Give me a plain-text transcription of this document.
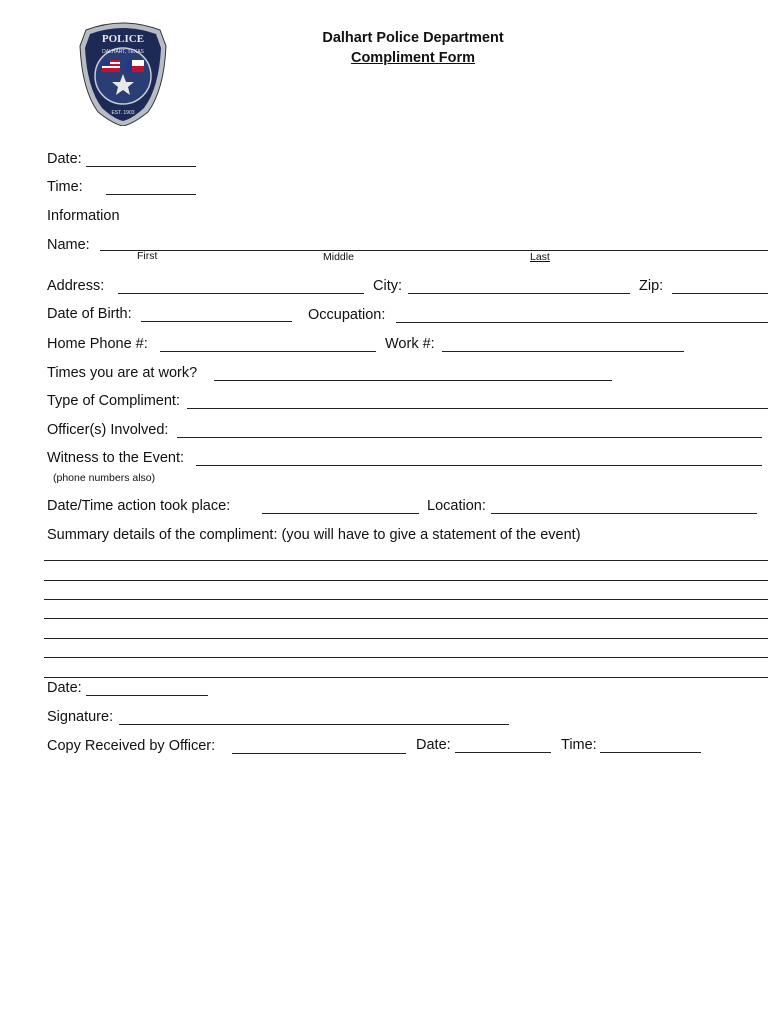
POLICE
DALHART, TEXAS
EST. 1903
Dalhart Police Department
Compliment Form
Date:
Time:
Information
Name:
First	Middle	Last
Address:	City:	Zip:
Date of Birth:	Occupation:
Home Phone #:	Work #:
Times you are at work?
Type of Compliment:
Officer(s) Involved:
Witness to the Event:
(phone numbers also)
Date/Time action took place:	Location:
Summary details of the compliment: (you will have to give a statement of the event)
Date:
Signature:
Copy Received by Officer:	Date:	Time:
